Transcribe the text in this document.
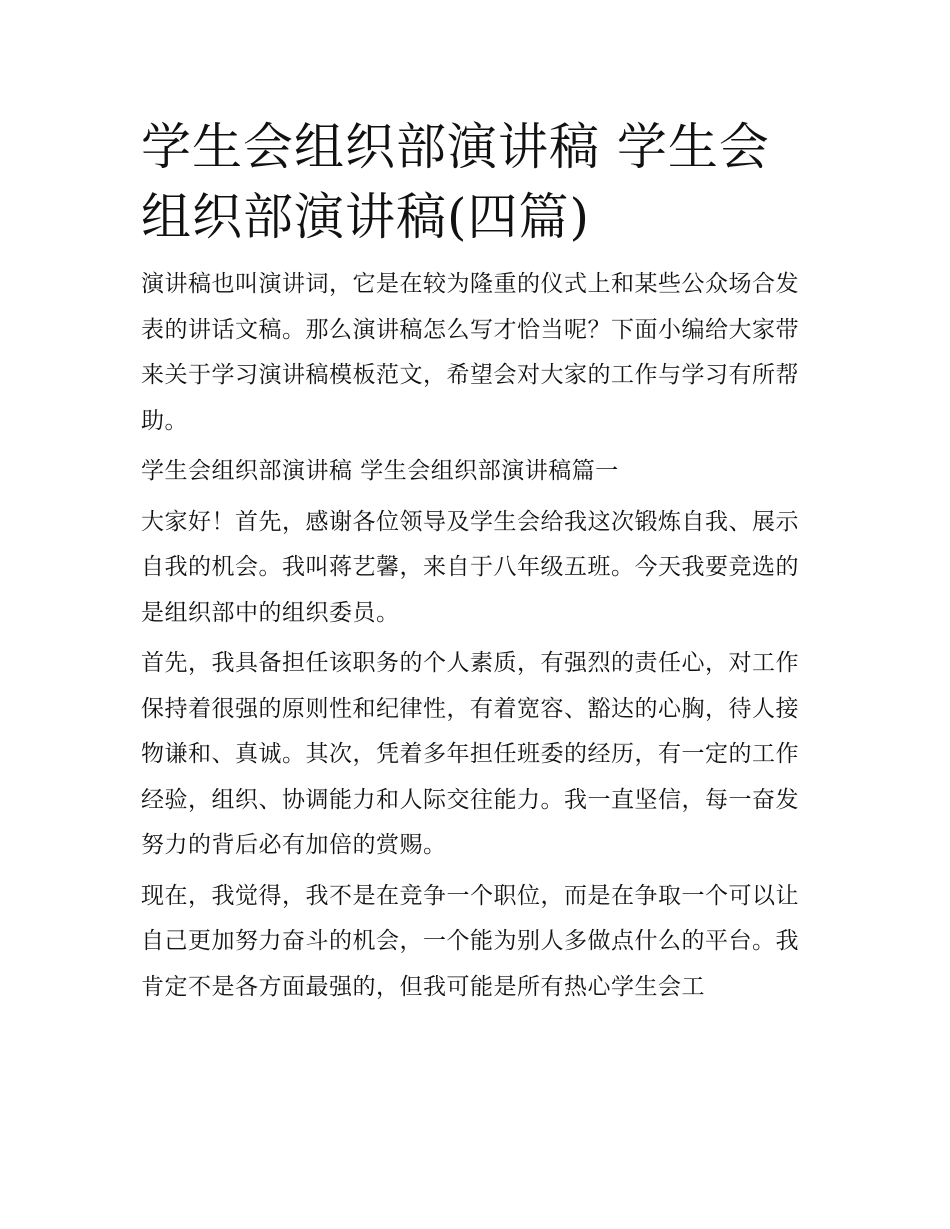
学生会组织部演讲稿 学生会组织部演讲稿(四篇)

演讲稿也叫演讲词，它是在较为隆重的仪式上和某些公众场合发表的讲话文稿。那么演讲稿怎么写才恰当呢？下面小编给大家带来关于学习演讲稿模板范文，希望会对大家的工作与学习有所帮助。

学生会组织部演讲稿 学生会组织部演讲稿篇一

大家好！首先，感谢各位领导及学生会给我这次锻炼自我、展示自我的机会。我叫蒋艺馨，来自于八年级五班。今天我要竞选的是组织部中的组织委员。

首先，我具备担任该职务的个人素质，有强烈的责任心，对工作保持着很强的原则性和纪律性，有着宽容、豁达的心胸，待人接物谦和、真诚。其次，凭着多年担任班委的经历，有一定的工作经验，组织、协调能力和人际交往能力。我一直坚信，每一奋发努力的背后必有加倍的赏赐。

现在，我觉得，我不是在竞争一个职位，而是在争取一个可以让自己更加努力奋斗的机会，一个能为别人多做点什么的平台。我肯定不是各方面最强的，但我可能是所有热心学生会工
